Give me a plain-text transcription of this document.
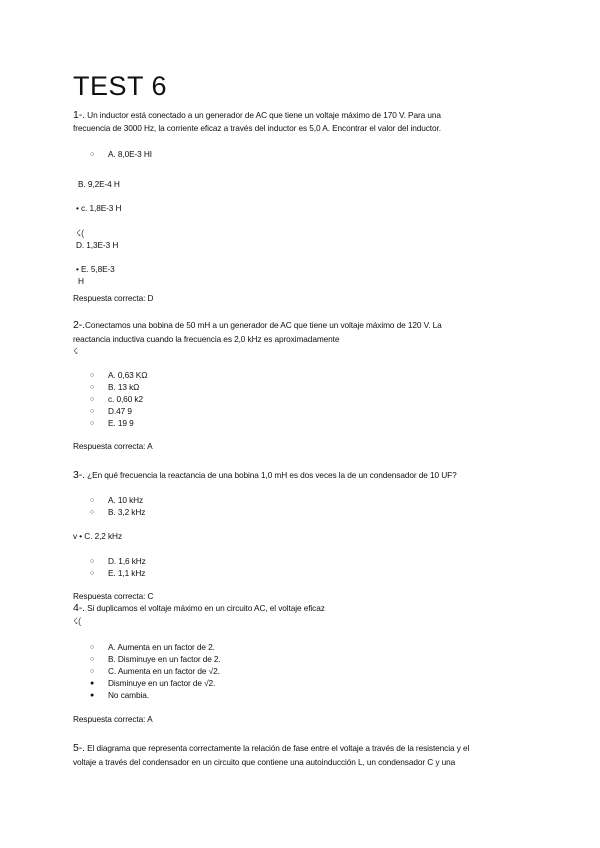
TEST 6
1-. Un inductor está conectado a un generador de AC que tiene un voltaje máximo de 170 V. Para una
frecuencia de 3000 Hz, la corriente eficaz a través del inductor es 5,0 A. Encontrar el valor del inductor.
○ A. 8,0E-3 HI
B. 9,2E-4 H
• c. 1,8E-3 H
☇(
D. 1,3E-3 H
• E. 5,8E-3
H
Respuesta correcta: D
2-.Conectamos una bobina de 50 mH a un generador de AC que tiene un voltaje máximo de 120 V. La
reactancia inductiva cuando la frecuencia es 2,0 kHz es aproximadamente
☇
○ A. 0,63 KΩ
○ B. 13 kΩ
○ c. 0,60 k2
○ D.47 9
○ E. 19 9
Respuesta correcta: A
3-. ¿En qué frecuencia la reactancia de una bobina 1,0 mH es dos veces la de un condensador de 10 UF?
○ A. 10 kHz
○ B. 3,2 kHz
v • C. 2,2 kHz
○ D. 1,6 kHz
○ E. 1,1 kHz
Respuesta correcta: C
4-. Si duplicamos el voltaje máximo en un circuito AC, el voltaje eficaz
☇(
○ A. Aumenta en un factor de 2.
○ B. Disminuye en un factor de 2.
○ C. Aumenta en un factor de √2.
● Disminuye en un factor de √2.
● No cambia.
Respuesta correcta: A
5-. El diagrama que representa correctamente la relación de fase entre el voltaje a través de la resistencia y el
voltaje a través del condensador en un circuito que contiene una autoinducción L, un condensador C y una
